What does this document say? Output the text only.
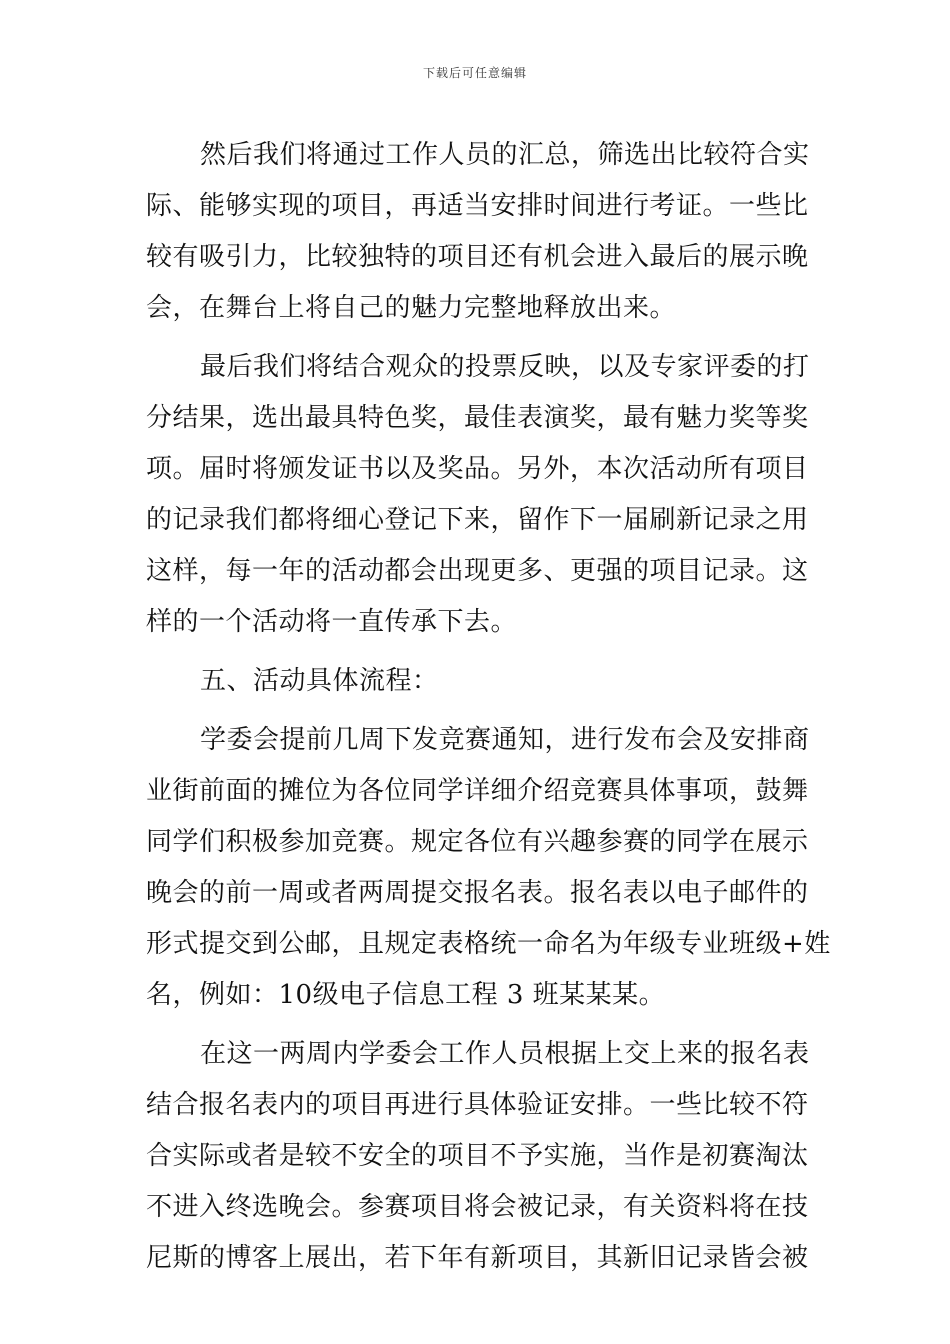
下载后可任意编辑
然后我们将通过工作人员的汇总，筛选出比较符合实
际、能够实现的项目，再适当安排时间进行考证。一些比
较有吸引力，比较独特的项目还有机会进入最后的展示晚
会，在舞台上将自己的魅力完整地释放出来。
最后我们将结合观众的投票反映，以及专家评委的打
分结果，选出最具特色奖，最佳表演奖，最有魅力奖等奖
项。届时将颁发证书以及奖品。另外，本次活动所有项目
的记录我们都将细心登记下来，留作下一届刷新记录之用
这样，每一年的活动都会出现更多、更强的项目记录。这
样的一个活动将一直传承下去。
五、活动具体流程：
学委会提前几周下发竞赛通知，进行发布会及安排商
业街前面的摊位为各位同学详细介绍竞赛具体事项，鼓舞
同学们积极参加竞赛。规定各位有兴趣参赛的同学在展示
晚会的前一周或者两周提交报名表。报名表以电子邮件的
形式提交到公邮，且规定表格统一命名为年级专业班级+姓
名，例如：10级电子信息工程 3 班某某某。
在这一两周内学委会工作人员根据上交上来的报名表
结合报名表内的项目再进行具体验证安排。一些比较不符
合实际或者是较不安全的项目不予实施，当作是初赛淘汰
不进入终选晚会。参赛项目将会被记录，有关资料将在技
尼斯的博客上展出，若下年有新项目，其新旧记录皆会被
